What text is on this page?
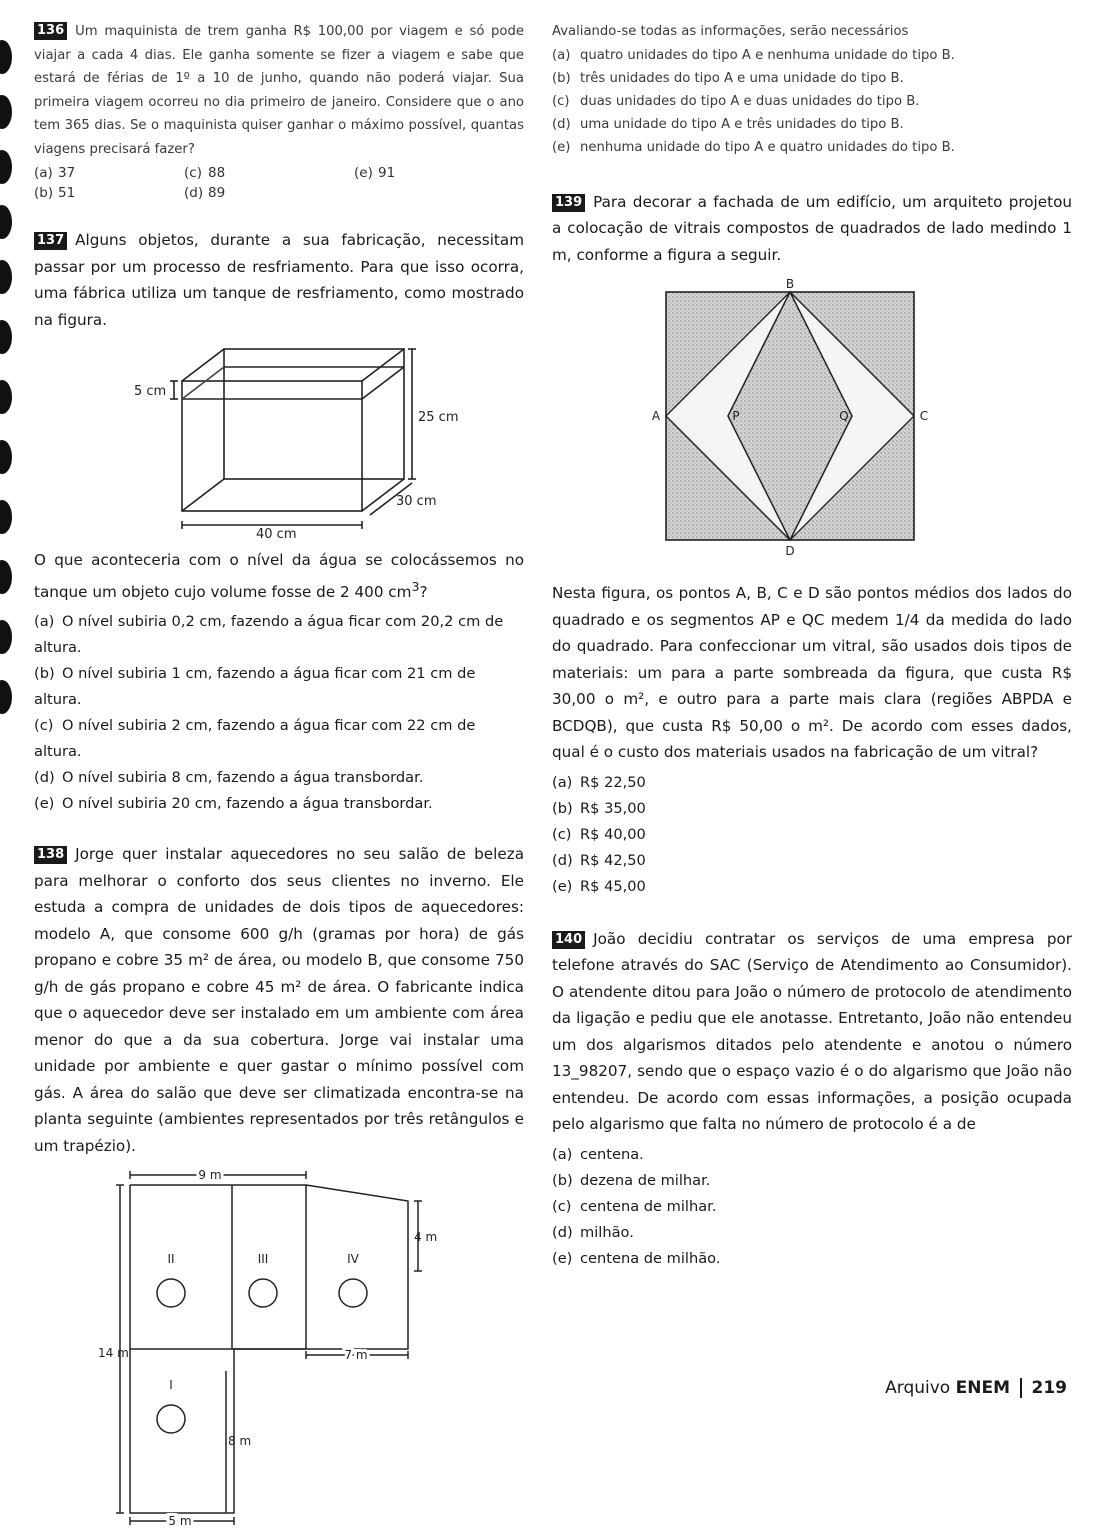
136 Um maquinista de trem ganha R$ 100,00 por viagem e só pode viajar a cada 4 dias. Ele ganha somente se fizer a viagem e sabe que estará de férias de 1º a 10 de junho, quando não poderá viajar. Sua primeira viagem ocorreu no dia primeiro de janeiro. Considere que o ano tem 365 dias. Se o maquinista quiser ganhar o máximo possível, quantas viagens precisará fazer?

(a) 37	(c) 88	(e) 91
(b) 51	(d) 89

137 Alguns objetos, durante a sua fabricação, necessitam passar por um processo de resfriamento. Para que isso ocorra, uma fábrica utiliza um tanque de resfriamento, como mostrado na figura.

5 cm
25 cm
30 cm
40 cm

O que aconteceria com o nível da água se colocássemos no tanque um objeto cujo volume fosse de 2 400 $cm^3$?

(a) O nível subiria 0,2 cm, fazendo a água ficar com 20,2 cm de altura.
(b) O nível subiria 1 cm, fazendo a água ficar com 21 cm de altura.
(c) O nível subiria 2 cm, fazendo a água ficar com 22 cm de altura.
(d) O nível subiria 8 cm, fazendo a água transbordar.
(e) O nível subiria 20 cm, fazendo a água transbordar.

138 Jorge quer instalar aquecedores no seu salão de beleza para melhorar o conforto dos seus clientes no inverno. Ele estuda a compra de unidades de dois tipos de aquecedores: modelo A, que consome 600 g/h (gramas por hora) de gás propano e cobre 35 m² de área, ou modelo B, que consome 750 g/h de gás propano e cobre 45 m² de área. O fabricante indica que o aquecedor deve ser instalado em um ambiente com área menor do que a da sua cobertura. Jorge vai instalar uma unidade por ambiente e quer gastar o mínimo possível com gás. A área do salão que deve ser climatizada encontra-se na planta seguinte (ambientes representados por três retângulos e um trapézio).

9 m
14 m
4 m
7 m
8 m
5 m
II	III	IV
I

Avaliando-se todas as informações, serão necessários

(a) quatro unidades do tipo A e nenhuma unidade do tipo B.
(b) três unidades do tipo A e uma unidade do tipo B.
(c) duas unidades do tipo A e duas unidades do tipo B.
(d) uma unidade do tipo A e três unidades do tipo B.
(e) nenhuma unidade do tipo A e quatro unidades do tipo B.

139 Para decorar a fachada de um edifício, um arquiteto projetou a colocação de vitrais compostos de quadrados de lado medindo 1 m, conforme a figura a seguir.

B
A	C
D
P	Q

Nesta figura, os pontos A, B, C e D são pontos médios dos lados do quadrado e os segmentos AP e QC medem 1/4 da medida do lado do quadrado. Para confeccionar um vitral, são usados dois tipos de materiais: um para a parte sombreada da figura, que custa R$ 30,00 o m², e outro para a parte mais clara (regiões ABPDA e BCDQB), que custa R$ 50,00 o m². De acordo com esses dados, qual é o custo dos materiais usados na fabricação de um vitral?

(a) R$ 22,50
(b) R$ 35,00
(c) R$ 40,00
(d) R$ 42,50
(e) R$ 45,00

140 João decidiu contratar os serviços de uma empresa por telefone através do SAC (Serviço de Atendimento ao Consumidor). O atendente ditou para João o número de protocolo de atendimento da ligação e pediu que ele anotasse. Entretanto, João não entendeu um dos algarismos ditados pelo atendente e anotou o número 13_98207, sendo que o espaço vazio é o do algarismo que João não entendeu. De acordo com essas informações, a posição ocupada pelo algarismo que falta no número de protocolo é a de

(a) centena.
(b) dezena de milhar.
(c) centena de milhar.
(d) milhão.
(e) centena de milhão.
Arquivo ENEM 219
